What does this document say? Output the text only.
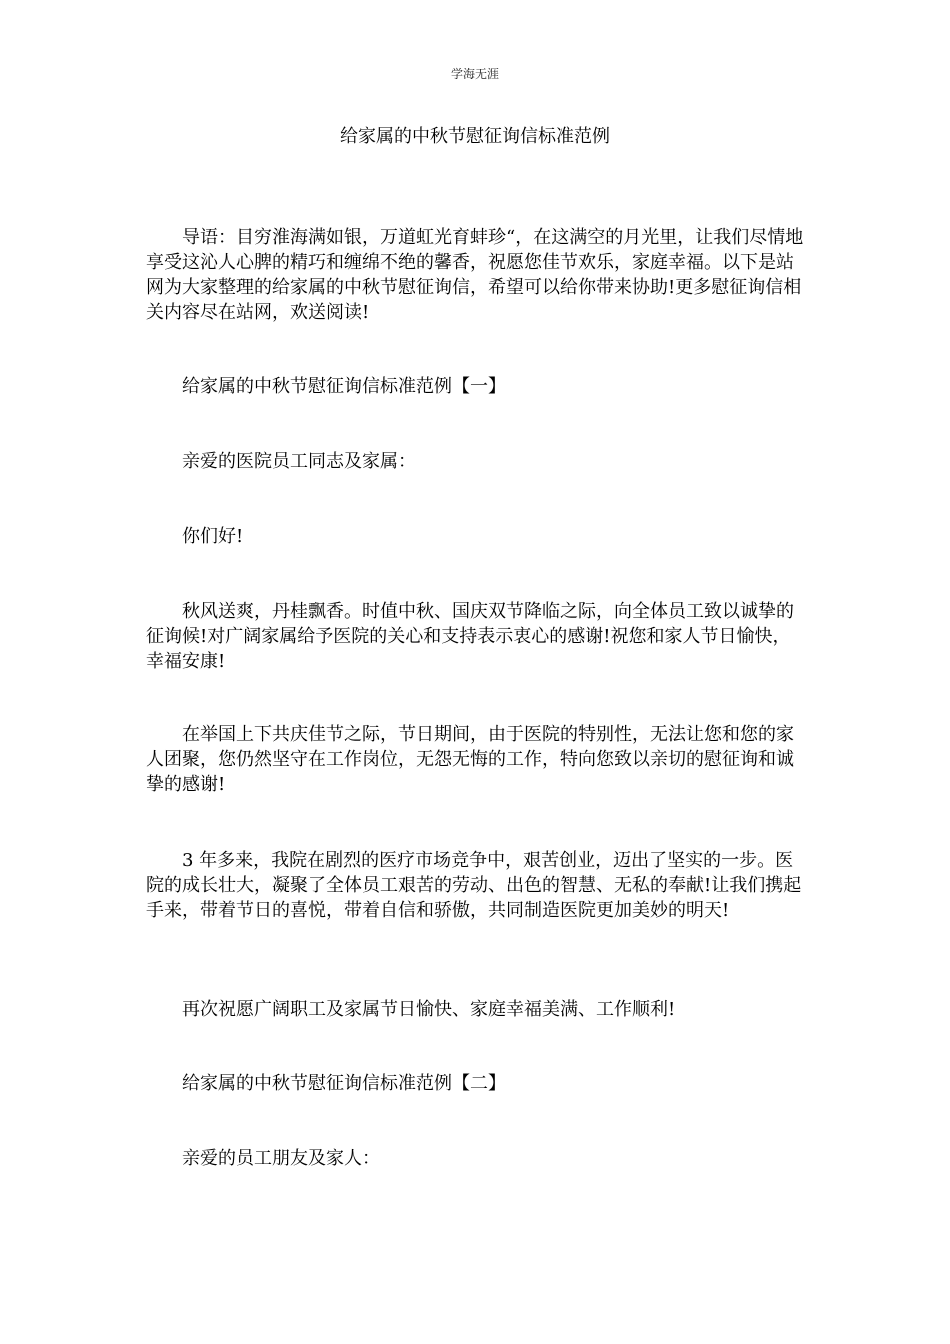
学海无涯
给家属的中秋节慰征询信标准范例

导语：目穷淮海满如银，万道虹光育蚌珍“，在这满空的月光里，让我们尽情地享受这沁人心脾的精巧和缠绵不绝的馨香，祝愿您佳节欢乐，家庭幸福。以下是站网为大家整理的给家属的中秋节慰征询信，希望可以给你带来协助!更多慰征询信相关内容尽在站网，欢送阅读!

给家属的中秋节慰征询信标准范例【一】

亲爱的医院员工同志及家属：

你们好!

秋风送爽，丹桂飘香。时值中秋、国庆双节降临之际，向全体员工致以诚挚的征询候!对广阔家属给予医院的关心和支持表示衷心的感谢!祝您和家人节日愉快，幸福安康!

在举国上下共庆佳节之际，节日期间，由于医院的特别性，无法让您和您的家人团聚，您仍然坚守在工作岗位，无怨无悔的工作，特向您致以亲切的慰征询和诚挚的感谢!

3 年多来，我院在剧烈的医疗市场竞争中，艰苦创业，迈出了坚实的一步。医院的成长壮大，凝聚了全体员工艰苦的劳动、出色的智慧、无私的奉献!让我们携起手来，带着节日的喜悦，带着自信和骄傲，共同制造医院更加美妙的明天!

再次祝愿广阔职工及家属节日愉快、家庭幸福美满、工作顺利!

给家属的中秋节慰征询信标准范例【二】

亲爱的员工朋友及家人：
